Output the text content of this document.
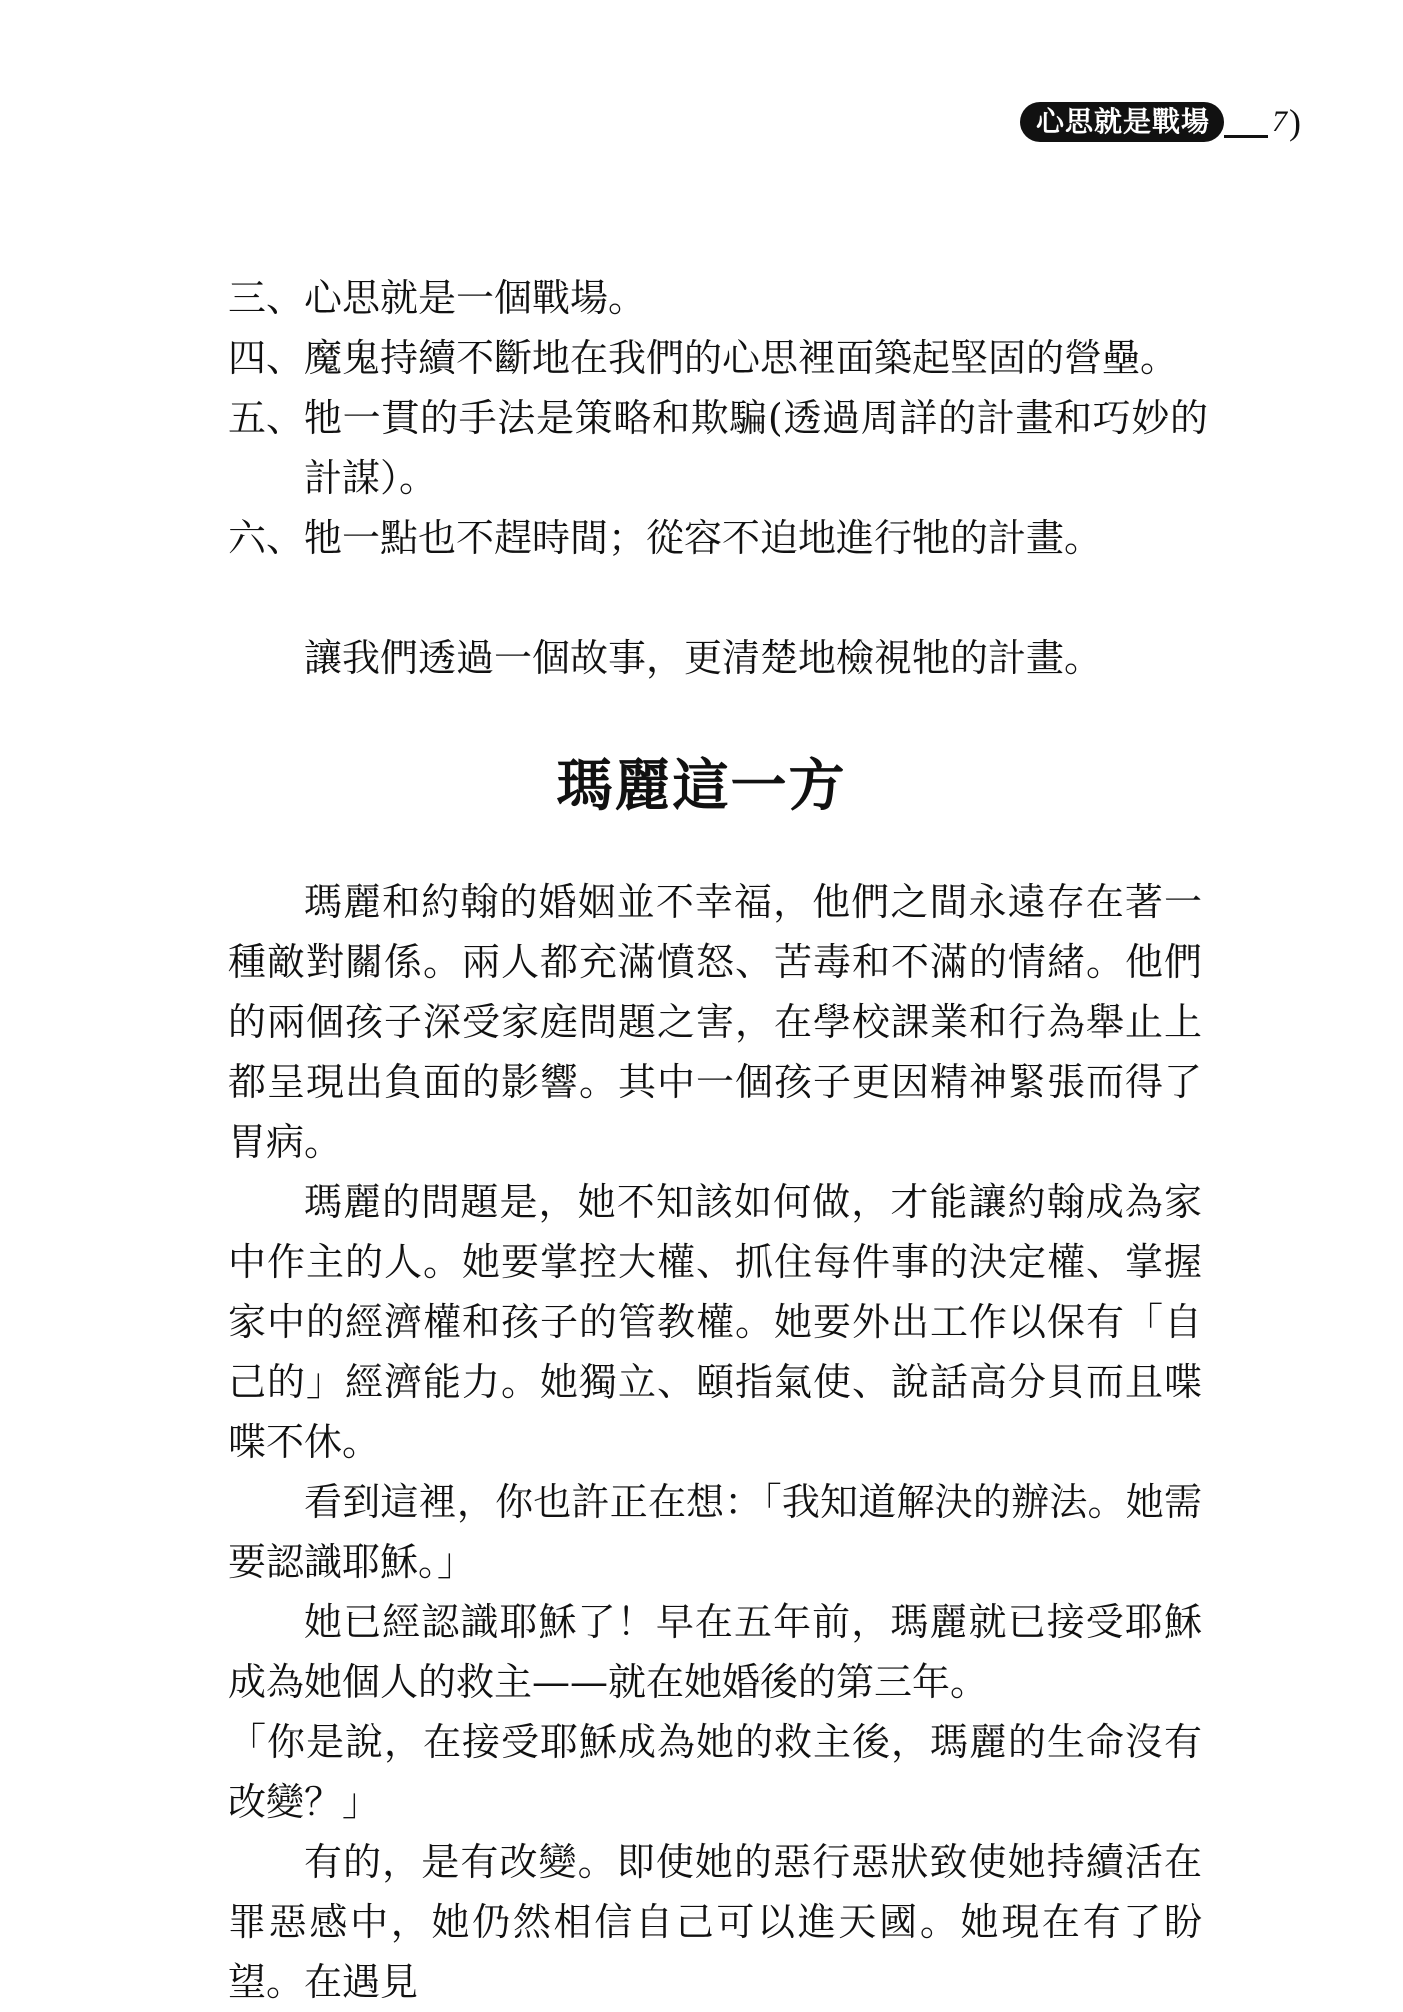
心思就是戰場	7 )
三、 心思就是一個戰場。
四、 魔鬼持續不斷地在我們的心思裡面築起堅固的營壘。
五、 牠一貫的手法是策略和欺騙(透過周詳的計畫和巧妙的計謀）。
六、 牠一點也不趕時間；從容不迫地進行牠的計畫。
讓我們透過一個故事，更清楚地檢視牠的計畫。
瑪麗這一方

瑪麗和約翰的婚姻並不幸福，他們之間永遠存在著一種敵對關係。兩人都充滿憤怒、苦毒和不滿的情緒。他們的兩個孩子深受家庭問題之害，在學校課業和行為舉止上都呈現出負面的影響。其中一個孩子更因精神緊張而得了胃病。

瑪麗的問題是，她不知該如何做，才能讓約翰成為家中作主的人。她要掌控大權、抓住每件事的決定權、掌握家中的經濟權和孩子的管教權。她要外出工作以保有「自己的」經濟能力。她獨立、頤指氣使、說話高分貝而且喋喋不休。

看到這裡，你也許正在想：「我知道解決的辦法。她需要認識耶穌。」

她已經認識耶穌了！早在五年前，瑪麗就已接受耶穌成為她個人的救主——就在她婚後的第三年。

「你是說，在接受耶穌成為她的救主後，瑪麗的生命沒有改變？」

有的，是有改變。即使她的惡行惡狀致使她持續活在罪惡感中，她仍然相信自己可以進天國。她現在有了盼望。在遇見
